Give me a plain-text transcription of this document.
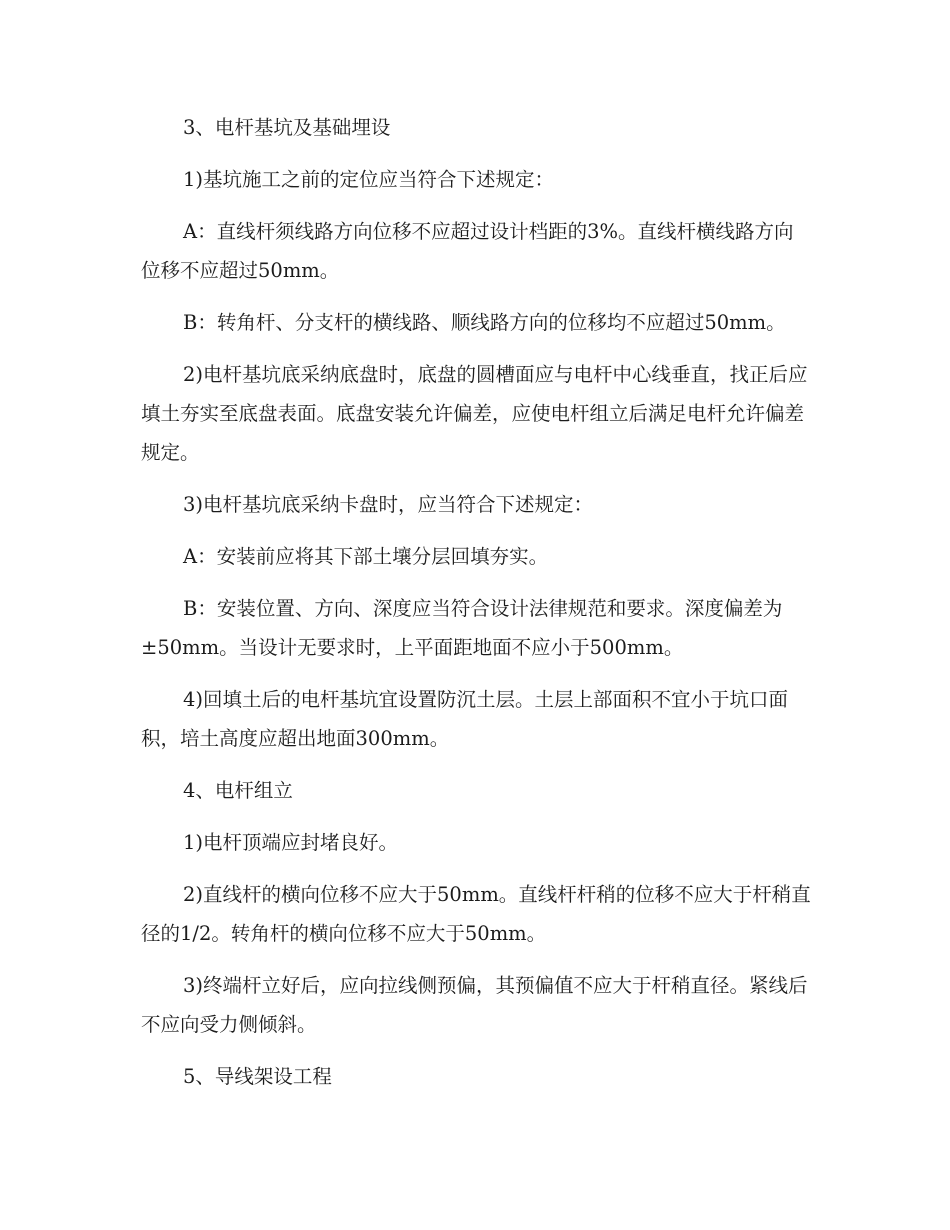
3、电杆基坑及基础埋设

1)基坑施工之前的定位应当符合下述规定：

A：直线杆须线路方向位移不应超过设计档距的3%。直线杆横线路方向位移不应超过50mm。

B：转角杆、分支杆的横线路、顺线路方向的位移均不应超过50mm。

2)电杆基坑底采纳底盘时，底盘的圆槽面应与电杆中心线垂直，找正后应填土夯实至底盘表面。底盘安装允许偏差，应使电杆组立后满足电杆允许偏差规定。

3)电杆基坑底采纳卡盘时，应当符合下述规定：

A：安装前应将其下部土壤分层回填夯实。

B：安装位置、方向、深度应当符合设计法律规范和要求。深度偏差为±50mm。当设计无要求时，上平面距地面不应小于500mm。

4)回填土后的电杆基坑宜设置防沉土层。土层上部面积不宜小于坑口面积，培土高度应超出地面300mm。

4、电杆组立

1)电杆顶端应封堵良好。

2)直线杆的横向位移不应大于50mm。直线杆杆稍的位移不应大于杆稍直径的1/2。转角杆的横向位移不应大于50mm。

3)终端杆立好后，应向拉线侧预偏，其预偏值不应大于杆稍直径。紧线后不应向受力侧倾斜。

5、导线架设工程
